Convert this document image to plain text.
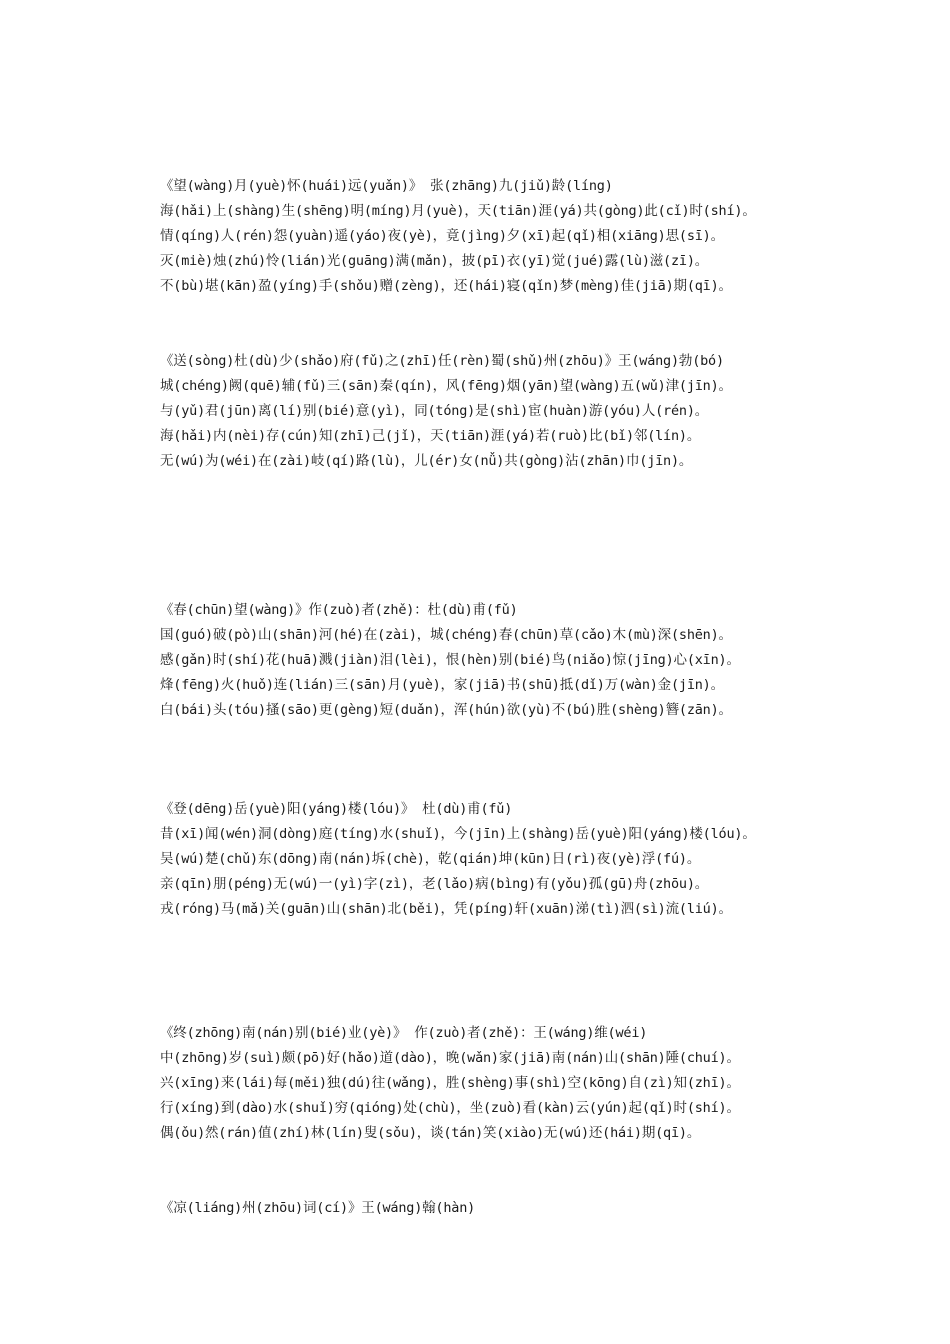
《望(wàng)月(yuè)怀(huái)远(yuǎn)》 张(zhāng)九(jiǔ)龄(líng)
海(hǎi)上(shàng)生(shēng)明(míng)月(yuè)，天(tiān)涯(yá)共(gòng)此(cǐ)时(shí)。
情(qíng)人(rén)怨(yuàn)遥(yáo)夜(yè)，竟(jìng)夕(xī)起(qǐ)相(xiāng)思(sī)。
灭(miè)烛(zhú)怜(lián)光(guāng)满(mǎn)，披(pī)衣(yī)觉(jué)露(lù)滋(zī)。
不(bù)堪(kān)盈(yíng)手(shǒu)赠(zèng)，还(hái)寝(qǐn)梦(mèng)佳(jiā)期(qī)。
《送(sòng)杜(dù)少(shǎo)府(fǔ)之(zhī)任(rèn)蜀(shǔ)州(zhōu)》王(wáng)勃(bó)
城(chéng)阙(quē)辅(fǔ)三(sān)秦(qín)，风(fēng)烟(yān)望(wàng)五(wǔ)津(jīn)。
与(yǔ)君(jūn)离(lí)别(bié)意(yì)，同(tóng)是(shì)宦(huàn)游(yóu)人(rén)。
海(hǎi)内(nèi)存(cún)知(zhī)己(jǐ)，天(tiān)涯(yá)若(ruò)比(bǐ)邻(lín)。
无(wú)为(wéi)在(zài)岐(qí)路(lù)，儿(ér)女(nǚ)共(gòng)沾(zhān)巾(jīn)。
《春(chūn)望(wàng)》作(zuò)者(zhě)：杜(dù)甫(fǔ)
国(guó)破(pò)山(shān)河(hé)在(zài)，城(chéng)春(chūn)草(cǎo)木(mù)深(shēn)。
感(gǎn)时(shí)花(huā)溅(jiàn)泪(lèi)，恨(hèn)别(bié)鸟(niǎo)惊(jīng)心(xīn)。
烽(fēng)火(huǒ)连(lián)三(sān)月(yuè)，家(jiā)书(shū)抵(dǐ)万(wàn)金(jīn)。
白(bái)头(tóu)搔(sāo)更(gèng)短(duǎn)，浑(hún)欲(yù)不(bú)胜(shèng)簪(zān)。
《登(dēng)岳(yuè)阳(yáng)楼(lóu)》 杜(dù)甫(fǔ)
昔(xī)闻(wén)洞(dòng)庭(tíng)水(shuǐ)，今(jīn)上(shàng)岳(yuè)阳(yáng)楼(lóu)。
吴(wú)楚(chǔ)东(dōng)南(nán)坼(chè)，乾(qián)坤(kūn)日(rì)夜(yè)浮(fú)。
亲(qīn)朋(péng)无(wú)一(yì)字(zì)，老(lǎo)病(bìng)有(yǒu)孤(gū)舟(zhōu)。
戎(róng)马(mǎ)关(guān)山(shān)北(běi)，凭(píng)轩(xuān)涕(tì)泗(sì)流(liú)。
《终(zhōng)南(nán)别(bié)业(yè)》 作(zuò)者(zhě)：王(wáng)维(wéi)
中(zhōng)岁(suì)颇(pō)好(hǎo)道(dào)，晚(wǎn)家(jiā)南(nán)山(shān)陲(chuí)。
兴(xīng)来(lái)每(měi)独(dú)往(wǎng)，胜(shèng)事(shì)空(kōng)自(zì)知(zhī)。
行(xíng)到(dào)水(shuǐ)穷(qióng)处(chù)，坐(zuò)看(kàn)云(yún)起(qǐ)时(shí)。
偶(ǒu)然(rán)值(zhí)林(lín)叟(sǒu)，谈(tán)笑(xiào)无(wú)还(hái)期(qī)。
《凉(liáng)州(zhōu)词(cí)》王(wáng)翰(hàn)
